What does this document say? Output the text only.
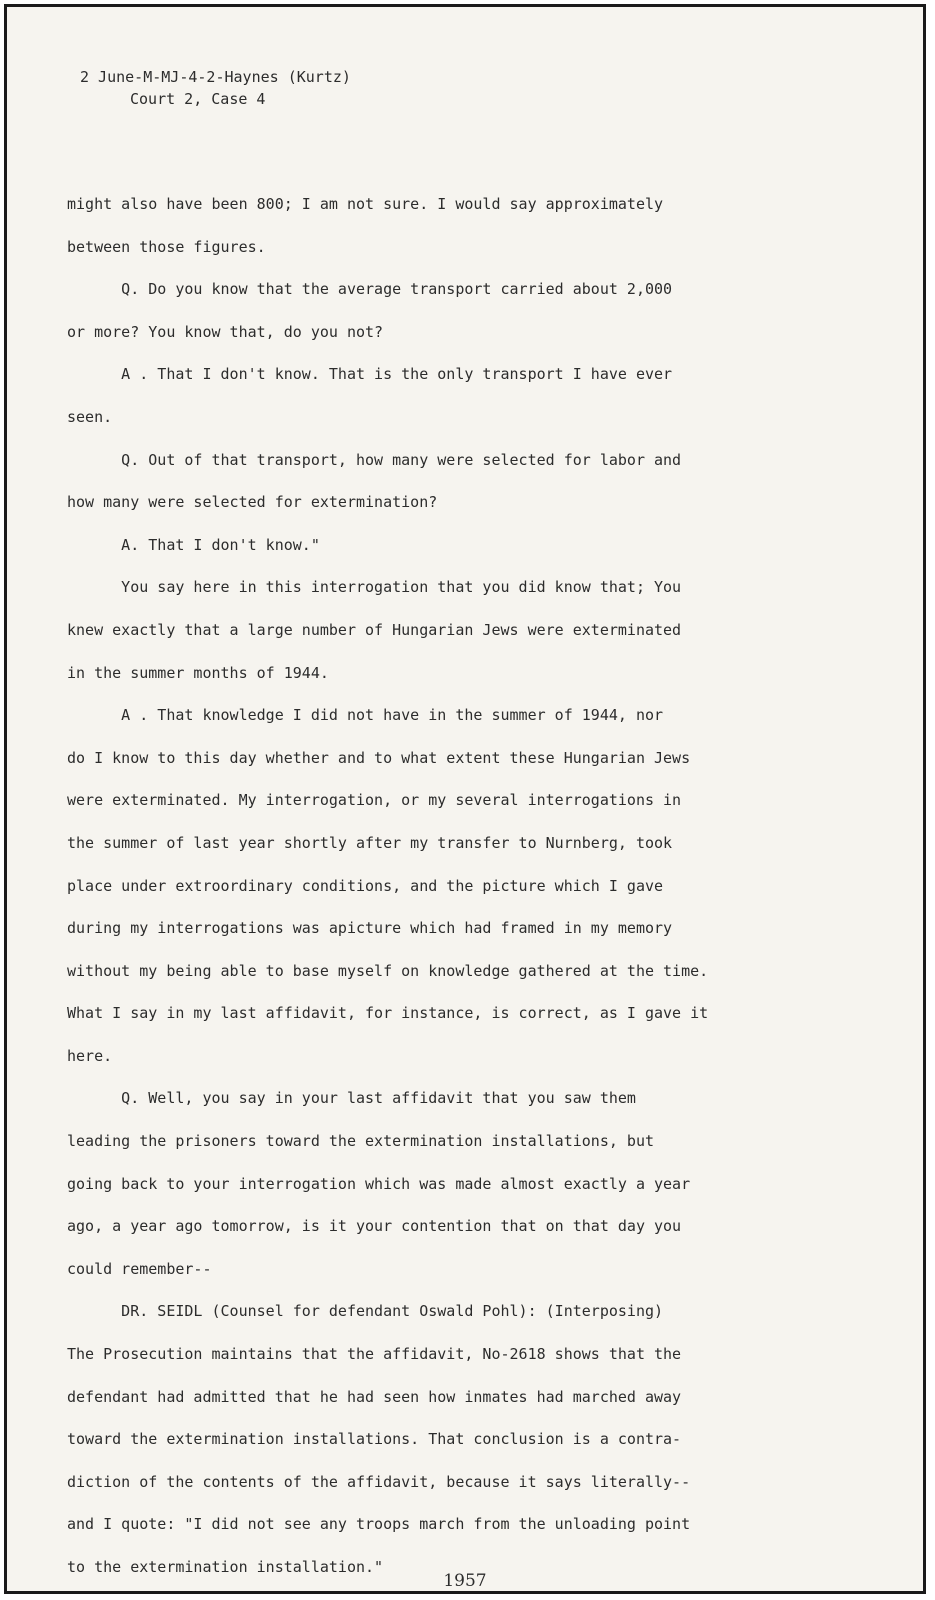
2 June-M-MJ-4-2-Haynes (Kurtz)
Court 2, Case 4
might also have been 800; I am not sure. I would say approximately
between those figures.
Q. Do you know that the average transport carried about 2,000
or more? You know that, do you not?
A . That I don't know. That is the only transport I have ever
seen.
Q. Out of that transport, how many were selected for labor and
how many were selected for extermination?
A. That I don't know."
You say here in this interrogation that you did know that; You
knew exactly that a large number of Hungarian Jews were exterminated
in the summer months of 1944.
A . That knowledge I did not have in the summer of 1944, nor
do I know to this day whether and to what extent these Hungarian Jews
were exterminated. My interrogation, or my several interrogations in
the summer of last year shortly after my transfer to Nurnberg, took
place under extroordinary conditions, and the picture which I gave
during my interrogations was apicture which had framed in my memory
without my being able to base myself on knowledge gathered at the time.
What I say in my last affidavit, for instance, is correct, as I gave it
here.
Q. Well, you say in your last affidavit that you saw them
leading the prisoners toward the extermination installations, but
going back to your interrogation which was made almost exactly a year
ago, a year ago tomorrow, is it your contention that on that day you
could remember--
DR. SEIDL (Counsel for defendant Oswald Pohl): (Interposing)
The Prosecution maintains that the affidavit, No-2618 shows that the
defendant had admitted that he had seen how inmates had marched away
toward the extermination installations. That conclusion is a contra-
diction of the contents of the affidavit, because it says literally--
and I quote: "I did not see any troops march from the unloading point
to the extermination installation."
1957
